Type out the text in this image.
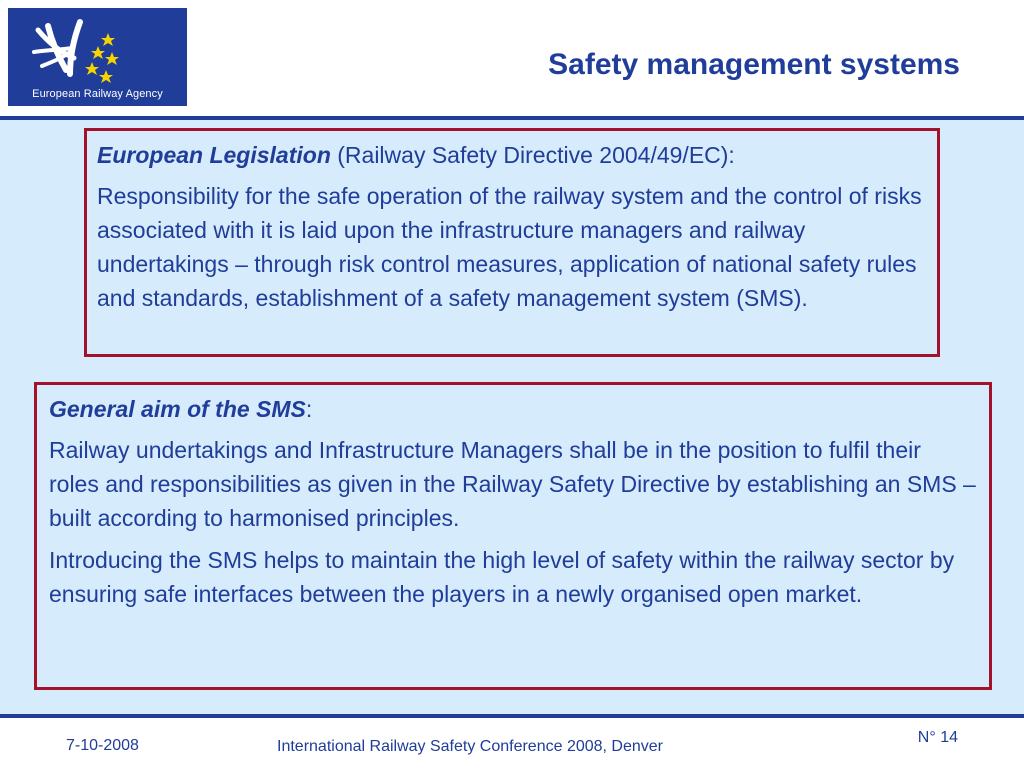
European Railway Agency
Safety management systems

European Legislation (Railway Safety Directive 2004/49/EC):

Responsibility for the safe operation of the railway system and the control of risks associated with it is laid upon the infrastructure managers and railway undertakings – through risk control measures, application of national safety rules and standards, establishment of a safety management system (SMS).

General aim of the SMS:

Railway undertakings and Infrastructure Managers shall be in the position to fulfil their roles and responsibilities as given in the Railway Safety Directive by establishing an SMS – built according to harmonised principles.

Introducing the SMS helps to maintain the high level of safety within the railway sector by ensuring safe interfaces between the players in a newly organised open market.

7-10-2008	International Railway Safety Conference 2008, Denver
N° 14
